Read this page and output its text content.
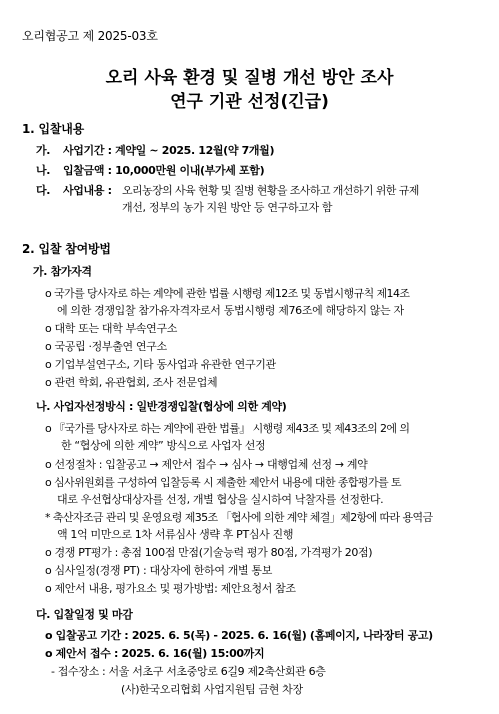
오리협공고 제 2025-03호
오리 사육 환경 및 질병 개선 방안 조사
연구 기관 선정(긴급)
1. 입찰내용
가. 사업기간 : 계약일 ~ 2025. 12월(약 7개월)
나. 입찰금액 : 10,000만원 이내(부가세 포함)
다. 사업내용 : 오리농장의 사육 현황 및 질병 현황을 조사하고 개선하기 위한 규제
개선, 정부의 농가 지원 방안 등 연구하고자 함
2. 입찰 참여방법
가. 참가자격
o 국가를 당사자로 하는 계약에 관한 법률 시행령 제12조 및 동법시행규칙 제14조
에 의한 경쟁입찰 참가유자격자로서 동법시행령 제76조에 해당하지 않는 자
o 대학 또는 대학 부속연구소
o 국공립 ·정부출연 연구소
o 기업부설연구소, 기타 동사업과 유관한 연구기관
o 관련 학회, 유관협회, 조사 전문업체
나. 사업자선정방식 : 일반경쟁입찰(협상에 의한 계약)
o 『국가를 당사자로 하는 계약에 관한 법률』 시행령 제43조 및 제43조의 2에 의
한 “협상에 의한 계약” 방식으로 사업자 선정
o 선정절차 : 입찰공고 → 제안서 접수 → 심사 → 대행업체 선정 → 계약
o 심사위원회를 구성하여 입찰등록 시 제출한 제안서 내용에 대한 종합평가를 토
대로 우선협상대상자를 선정, 개별 협상을 실시하여 낙찰자를 선정한다.
* 축산자조금 관리 및 운영요령 제35조 「협사에 의한 계약 체결」제2항에 따라 용역금
액 1억 미만으로 1차 서류심사 생략 후 PT심사 진행
o 경쟁 PT평가 : 총점 100점 만점(기술능력 평가 80점, 가격평가 20점)
o 심사일정(경쟁 PT) : 대상자에 한하여 개별 통보
o 제안서 내용, 평가요소 및 평가방법: 제안요청서 참조
다. 입찰일정 및 마감
o 입찰공고 기간 : 2025. 6. 5(목) - 2025. 6. 16(월) (홈페이지, 나라장터 공고)
o 제안서 접수 : 2025. 6. 16(월) 15:00까지
- 접수장소 : 서울 서초구 서초중앙로 6길9 제2축산회관 6층
(사)한국오리협회 사업지원팀 금현 차장
